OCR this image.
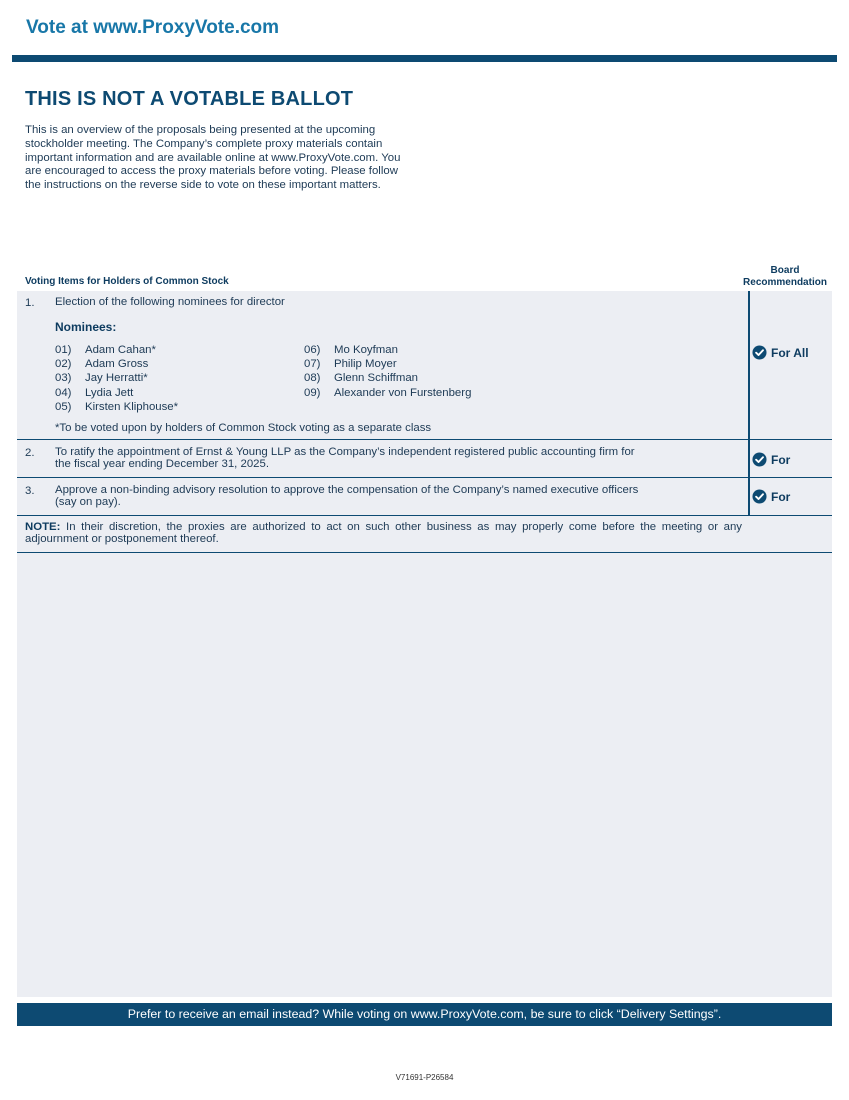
Vote at www.ProxyVote.com
THIS IS NOT A VOTABLE BALLOT
This is an overview of the proposals being presented at the upcoming stockholder meeting. The Company’s complete proxy materials contain important information and are available online at www.ProxyVote.com. You are encouraged to access the proxy materials before voting. Please follow the instructions on the reverse side to vote on these important matters.
Voting Items for Holders of Common Stock
Board
Recommendation
1. Election of the following nominees for director
Nominees:
01) Adam Cahan*
02) Adam Gross
03) Jay Herratti*
04) Lydia Jett
05) Kirsten Kliphouse*
06) Mo Koyfman
07) Philip Moyer
08) Glenn Schiffman
09) Alexander von Furstenberg
*To be voted upon by holders of Common Stock voting as a separate class
For All
2. To ratify the appointment of Ernst & Young LLP as the Company’s independent registered public accounting firm for
the fiscal year ending December 31, 2025.	For
3. Approve a non-binding advisory resolution to approve the compensation of the Company’s named executive officers
(say on pay).	For
NOTE: In their discretion, the proxies are authorized to act on such other business as may properly come before the meeting or any adjournment or postponement thereof.
Prefer to receive an email instead? While voting on www.ProxyVote.com, be sure to click “Delivery Settings”.
V71691-P26584
